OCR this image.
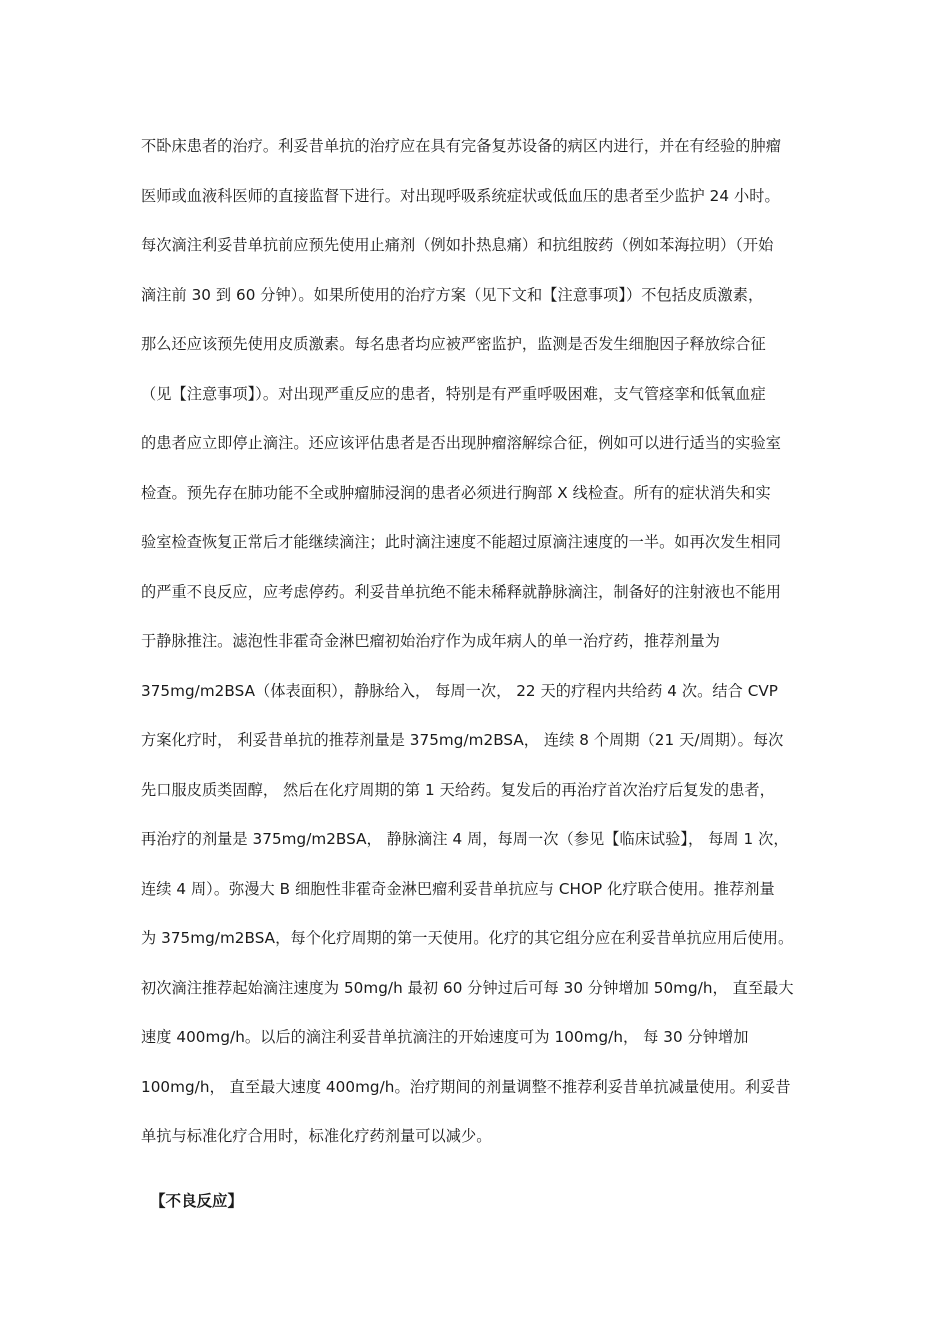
不卧床患者的治疗。利妥昔单抗的治疗应在具有完备复苏设备的病区内进行，并在有经验的肿瘤
医师或血液科医师的直接监督下进行。对出现呼吸系统症状或低血压的患者至少监护 24 小时。
每次滴注利妥昔单抗前应预先使用止痛剂（例如扑热息痛）和抗组胺药（例如苯海拉明）（开始
滴注前 30 到 60 分钟）。如果所使用的治疗方案（见下文和【注意事项】）不包括皮质激素，
那么还应该预先使用皮质激素。每名患者均应被严密监护，监测是否发生细胞因子释放综合征
（见【注意事项】）。对出现严重反应的患者，特别是有严重呼吸困难，支气管痉挛和低氧血症
的患者应立即停止滴注。还应该评估患者是否出现肿瘤溶解综合征，例如可以进行适当的实验室
检查。预先存在肺功能不全或肿瘤肺浸润的患者必须进行胸部 X 线检查。所有的症状消失和实
验室检查恢复正常后才能继续滴注；此时滴注速度不能超过原滴注速度的一半。如再次发生相同
的严重不良反应，应考虑停药。利妥昔单抗绝不能未稀释就静脉滴注，制备好的注射液也不能用
于静脉推注。滤泡性非霍奇金淋巴瘤初始治疗作为成年病人的单一治疗药，推荐剂量为
375mg/m2BSA（体表面积），静脉给入， 每周一次， 22 天的疗程内共给药 4 次。结合 CVP
方案化疗时， 利妥昔单抗的推荐剂量是 375mg/m2BSA， 连续 8 个周期（21 天/周期）。每次
先口服皮质类固醇， 然后在化疗周期的第 1 天给药。复发后的再治疗首次治疗后复发的患者，
再治疗的剂量是 375mg/m2BSA， 静脉滴注 4 周，每周一次（参见【临床试验】， 每周 1 次，
连续 4 周）。弥漫大 B 细胞性非霍奇金淋巴瘤利妥昔单抗应与 CHOP 化疗联合使用。推荐剂量
为 375mg/m2BSA，每个化疗周期的第一天使用。化疗的其它组分应在利妥昔单抗应用后使用。
初次滴注推荐起始滴注速度为 50mg/h 最初 60 分钟过后可每 30 分钟增加 50mg/h， 直至最大
速度 400mg/h。以后的滴注利妥昔单抗滴注的开始速度可为 100mg/h， 每 30 分钟增加
100mg/h， 直至最大速度 400mg/h。治疗期间的剂量调整不推荐利妥昔单抗减量使用。利妥昔
单抗与标准化疗合用时，标准化疗药剂量可以减少。
【不良反应】
